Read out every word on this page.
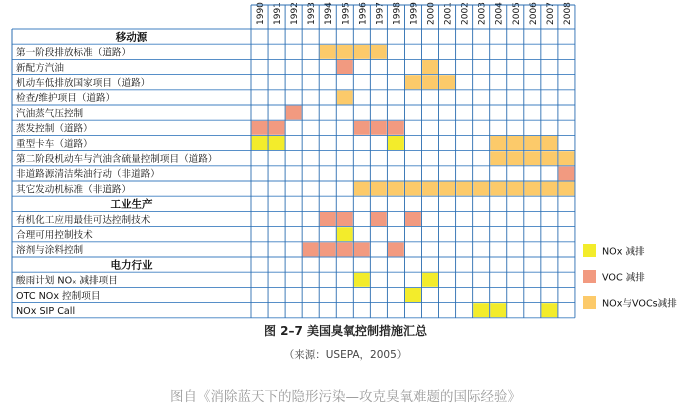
1990 1991 1992 1993 1994 1995 1996 1997 1998 1999 2000 2001 2002 2003 2004 2005 2006 2007 2008
移动源
第一阶段排放标准（道路）
新配方汽油
机动车低排放国家项目（道路）
检查/维护项目（道路）
汽油蒸气压控制
蒸发控制（道路）
重型卡车（道路）
第二阶段机动车与汽油含硫量控制项目（道路）
非道路源清洁柴油行动（非道路）
其它发动机标准（非道路）
工业生产
有机化工应用最佳可达控制技术
合理可用控制技术
溶剂与涂料控制
电力行业
酸雨计划 NOₓ 减排项目
OTC NOx 控制项目
NOx SIP Call
NOx 减排
VOC 减排
NOx与VOCs减排
图 2–7 美国臭氧控制措施汇总
（来源：USEPA，2005）
图自《消除蓝天下的隐形污染—攻克臭氧难题的国际经验》
